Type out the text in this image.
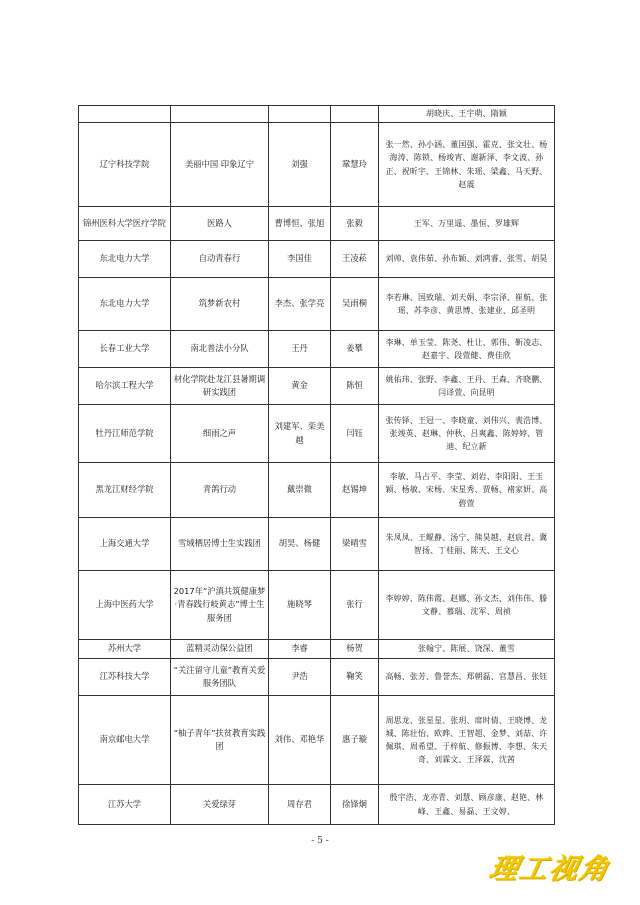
				胡晓庆、王宇萌、隋颖
辽宁科技学院	美丽中国 印象辽宁	刘强	鞏慧玲	张一然、孙小涵、董国强、霍克、张文壮、杨海涛、陈锁、杨竣宵、谢新泽、李文波、孙正、祝昕宇、王锦林、朱瑶、梁鑫、马天野、赵震
锦州医科大学医疗学院	医路人	曹博恒、张旭	张毅	王军、万里遥、墨恒、罗雄辉
东北电力大学	自动青春行	李国佳	王凌菘	刘帅、袁伟茹、孙布颖、刘鸿睿、张雪、胡昊
东北电力大学	筑梦新农村	李杰、张学亮	吴雨桐	李若琳、国致瑞、刘天娟、李宗泽、崔航、张瑶、苏李彦、黄思博、张建业、邱圣明
长春工业大学	南北普法小分队	王丹	姜攀	李琳、单玉莹、陈尧、杜让、郭伟、靳凌志、赵嘉宇、段萱健、费佳欣
哈尔滨工程大学	材化学院赴龙江县暑期调研实践团	黄金	陈恒	姚佑玮、张野、李鑫、王丹、王森、齐晓鹏、闫译萱、向昆明
牡丹江师范学院	细雨之声	刘建军、栾美越	闫钰	张传铎、王冠一、李晓童、刘伟兴、裴浩博、张竣英、赵琳、仲秋、吕爽鑫、陈婷婷、管迪、纪立新
黑龙江财经学院	青鸽行动	戴崇微	赵锡坤	李敏、马占平、李莹、刘岩、李阳阳、王玉颖、杨敏、宋杨、宋星秀、贾畅、褚家妍、高碧萱
上海交通大学	雪域栖居博士生实践团	胡昊、杨健	梁晴雪	朱凤凤、王鲲静、汤宁、熊昊越、赵宸君、冀智扬、丁桂丽、陈天、王文心
上海中医药大学	2017年“沪滇共筑健康梦·青春践行岐黄志”博士生服务团	施晓琴	张行	李婷婷、陈伟霞、赵娜、孙文杰、刘伟伟、滕文静、慕瑞、沈军、周祯
苏州大学	蓝精灵动保公益团	李睿	杨贺	张翰宁、陈展、饶深、董雪
江苏科技大学	“关注留守儿童”教育关爱服务团队	尹浩	鞠笑	高畅、张芳、鲁誉杰、郑朝磊、官慧昌、张钰
南京邮电大学	“柚子青年”扶贫教育实践团	刘伟、邓艳华	惠子璇	周思龙、张星星、张玥、席时倩、王晓博、龙城、陈壮怡、欧晔、王智超、金梦、刘喆、许佩琪、周希望、于梓航、修振博、李想、朱天奇、刘霖文、王泽霖、沈茜
江苏大学	关爱绿芽	周存君	徐锋炯	殷宇浩、龙亦青、刘慧、顾彦康、赵艳、林峰、王鑫、易磊、王文婷、
- 5 -
理工视角
